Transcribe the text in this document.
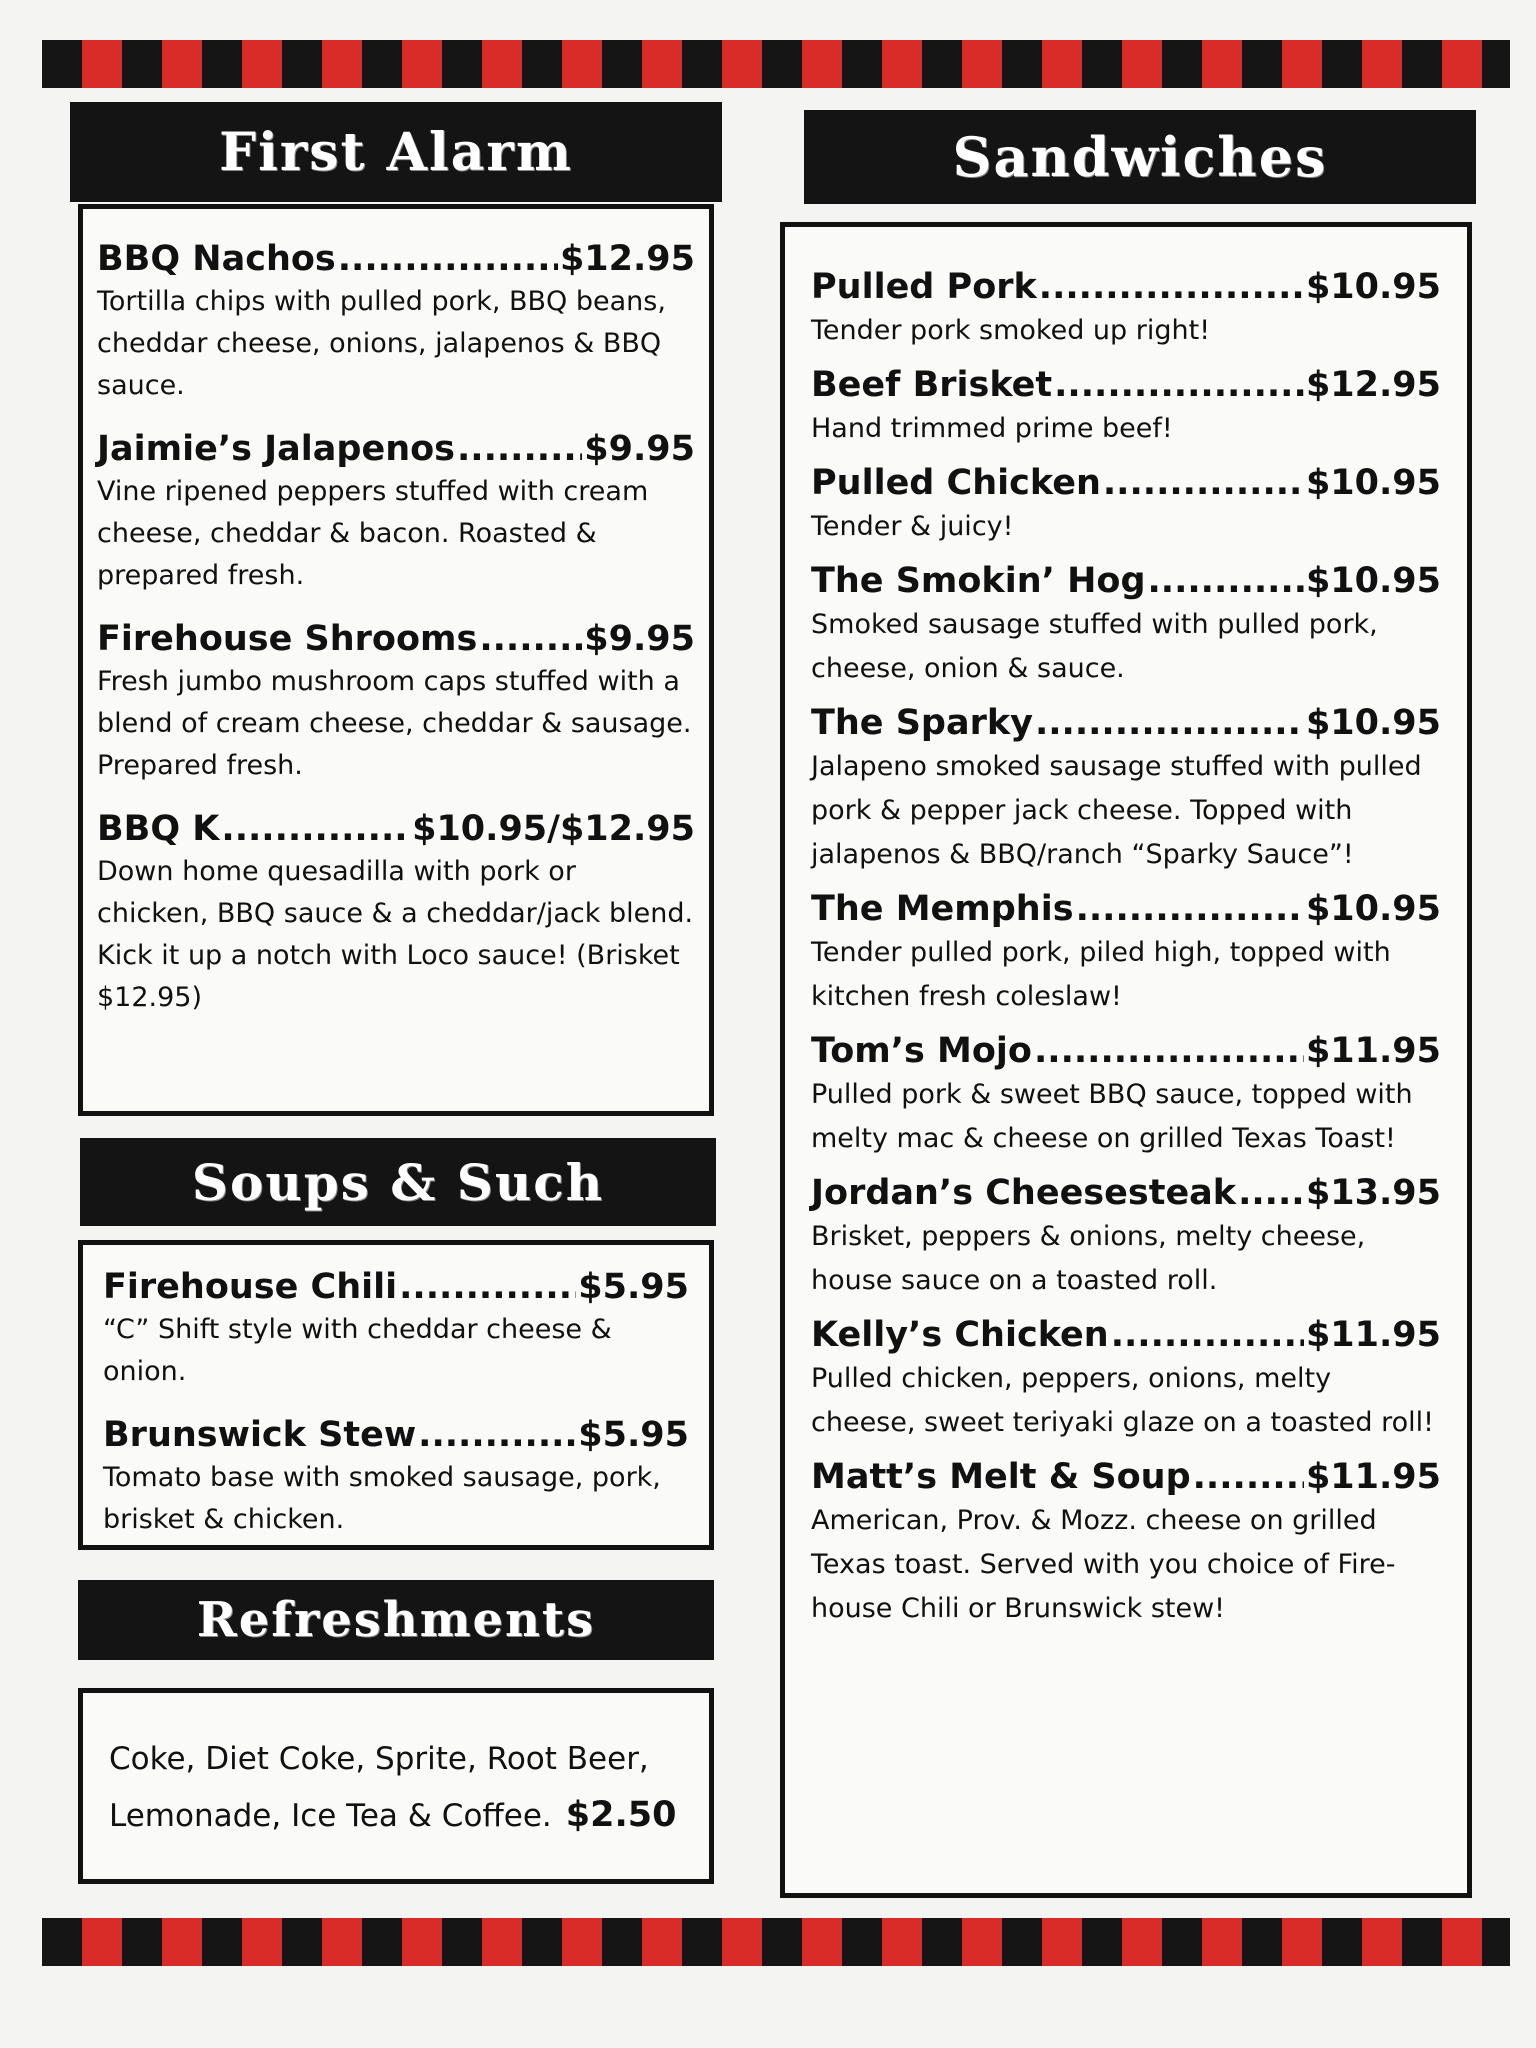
First Alarm
BBQ Nachos .....	$12.95
Tortilla chips with pulled pork, BBQ beans, cheddar cheese, onions, jalapenos & BBQ sauce.
Jaimie’s Jalapenos .....	$9.95
Vine ripened peppers stuffed with cream cheese, cheddar & bacon. Roasted & prepared fresh.
Firehouse Shrooms .....	$9.95
Fresh jumbo mushroom caps stuffed with a blend of cream cheese, cheddar & sausage. Prepared fresh.
BBQ K .....	$10.95/$12.95
Down home quesadilla with pork or chicken, BBQ sauce & a cheddar/jack blend. Kick it up a notch with Loco sauce! (Brisket $12.95)
Soups & Such
Firehouse Chili .....	$5.95
“C” Shift style with cheddar cheese & onion.
Brunswick Stew .....	$5.95
Tomato base with smoked sausage, pork, brisket & chicken.
Refreshments
Coke, Diet Coke, Sprite, Root Beer, Lemonade, Ice Tea & Coffee. $2.50
Sandwiches
Pulled Pork .....	$10.95
Tender pork smoked up right!
Beef Brisket .....	$12.95
Hand trimmed prime beef!
Pulled Chicken .....	$10.95
Tender & juicy!
The Smokin’ Hog .....	$10.95
Smoked sausage stuffed with pulled pork, cheese, onion & sauce.
The Sparky .....	$10.95
Jalapeno smoked sausage stuffed with pulled pork & pepper jack cheese. Topped with jalapenos & BBQ/ranch “Sparky Sauce”!
The Memphis .....	$10.95
Tender pulled pork, piled high, topped with kitchen fresh coleslaw!
Tom’s Mojo .....	$11.95
Pulled pork & sweet BBQ sauce, topped with melty mac & cheese on grilled Texas Toast!
Jordan’s Cheesesteak ..... $13.95
Brisket, peppers & onions, melty cheese, house sauce on a toasted roll.
Kelly’s Chicken .....	$11.95
Pulled chicken, peppers, onions, melty cheese, sweet teriyaki glaze on a toasted roll!
Matt’s Melt & Soup .....	$11.95
American, Prov. & Mozz. cheese on grilled Texas toast. Served with you choice of Fire-house Chili or Brunswick stew!
